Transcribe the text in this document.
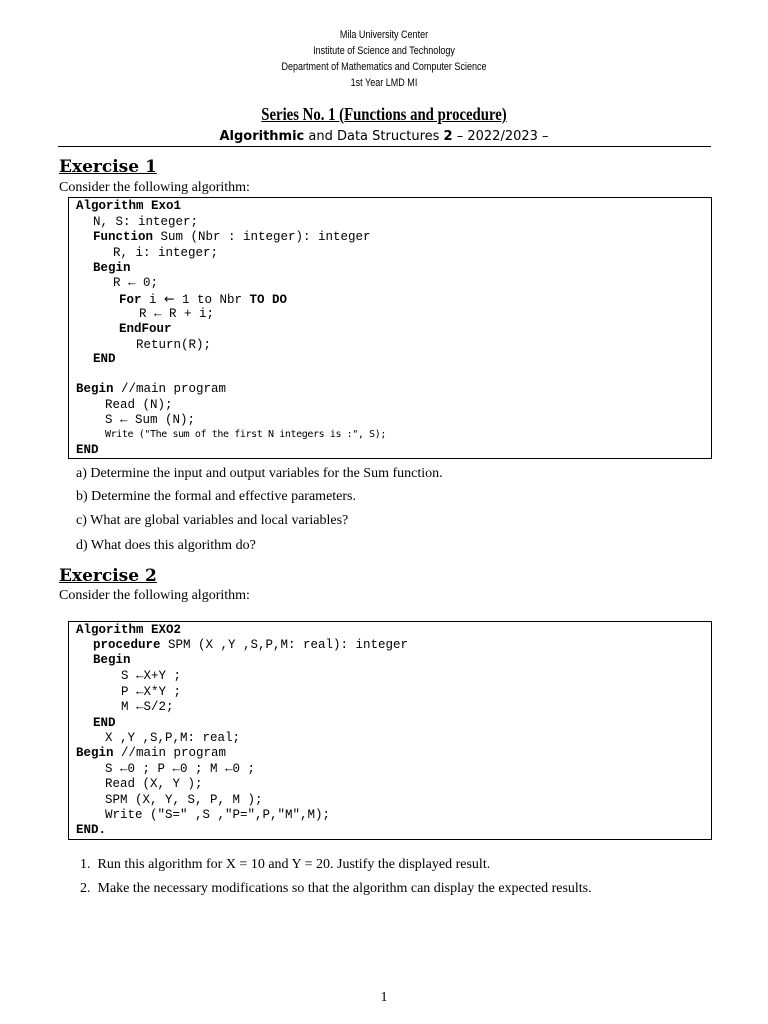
Mila University Center
Institute of Science and Technology
Department of Mathematics and Computer Science
1st Year LMD MI
Series No. 1 (Functions and procedure)
Algorithmic and Data Structures 2 – 2022/2023 –
Exercise 1
Consider the following algorithm:
Algorithm Exo1
N, S: integer;
Function Sum (Nbr : integer): integer
R, i: integer;
Begin
R ← 0;
For i ← 1 to Nbr TO DO
R ← R + i;
EndFour
Return(R);
END
Begin //main program
Read (N);
S ← Sum (N);
Write ("The sum of the first N integers is :", S);
END
a) Determine the input and output variables for the Sum function.
b) Determine the formal and effective parameters.
c) What are global variables and local variables?
d) What does this algorithm do?
Exercise 2
Consider the following algorithm:
Algorithm EXO2
procedure SPM (X ,Y ,S,P,M: real): integer
Begin
S ←X+Y ;
P ←X*Y ;
M ←S/2;
END
X ,Y ,S,P,M: real;
Begin //main program
S ←0 ; P ←0 ; M ←0 ;
Read (X, Y );
SPM (X, Y, S, P, M );
Write ("S=" ,S ,"P=",P,"M",M);
END.
1. Run this algorithm for X = 10 and Y = 20. Justify the displayed result.
2. Make the necessary modifications so that the algorithm can display the expected results.
1
